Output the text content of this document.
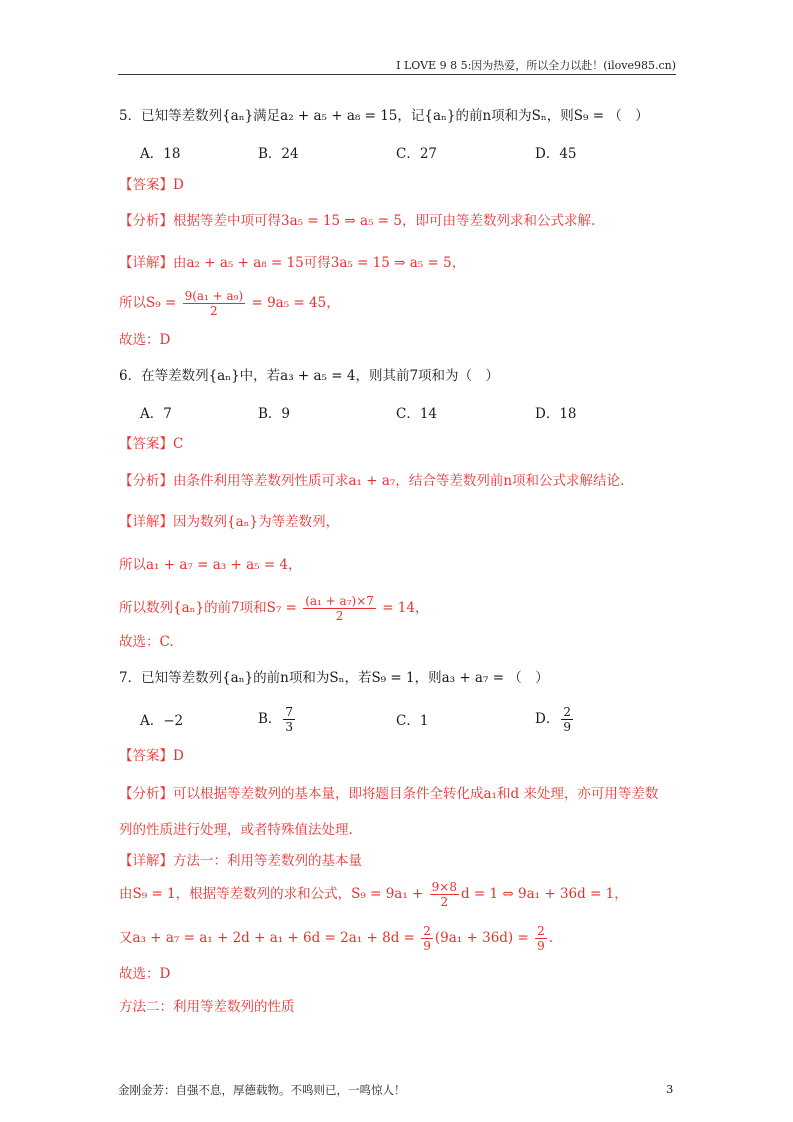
I LOVE 9 8 5:因为热爱，所以全力以赴！(ilove985.cn)
5．已知等差数列{aₙ}满足a₂ + a₅ + a₈ = 15，记{aₙ}的前n项和为Sₙ，则S₉ = （　）
A．18	B．24	C．27	D．45
【答案】D
【分析】根据等差中项可得3a₅ = 15 ⇒ a₅ = 5，即可由等差数列求和公式求解.
【详解】由a₂ + a₅ + a₈ = 15可得3a₅ = 15 ⇒ a₅ = 5，
所以$S_9 = \frac{\text{9(a₁ + a₉)}}{2} = 9a_5 = 45$，
故选：D
6．在等差数列{aₙ}中，若a₃ + a₅ = 4，则其前7项和为（　）
A．7	B．9	C．14	D．18
【答案】C
【分析】由条件利用等差数列性质可求a₁ + a₇，结合等差数列前n项和公式求解结论.
【详解】因为数列{aₙ}为等差数列，
所以a₁ + a₇ = a₃ + a₅ = 4，
所以数列{aₙ}的前7项和$S_7 = \frac{\text{(a₁ + a₇)×7}}{2} = 14$，
故选：C.
7．已知等差数列{aₙ}的前n项和为Sₙ，若S₉ = 1，则a₃ + a₇ = （　）
A．−2	B． $\frac{7}{3}$	C．1	D． $\frac{2}{9}$
【答案】D
【分析】可以根据等差数列的基本量，即将题目条件全转化成a₁和d 来处理，亦可用等差数
列的性质进行处理，或者特殊值法处理.
【详解】方法一：利用等差数列的基本量
由S₉ = 1，根据等差数列的求和公式，$S_9 = 9a_1 + \frac{9\times 8}{2}$ d = 1 ⇔ 9a₁ + 36d = 1，
又$a_3 + a_7 = a_1 + 2d + a_1 + 6d = 2a_1 + 8d = \frac{2}{9} (9a_1 + 36d) = \frac{2}{9}$ .
故选：D
方法二：利用等差数列的性质
金刚金芳：自强不息，厚德载物。不鸣则已，一鸣惊人！	3
